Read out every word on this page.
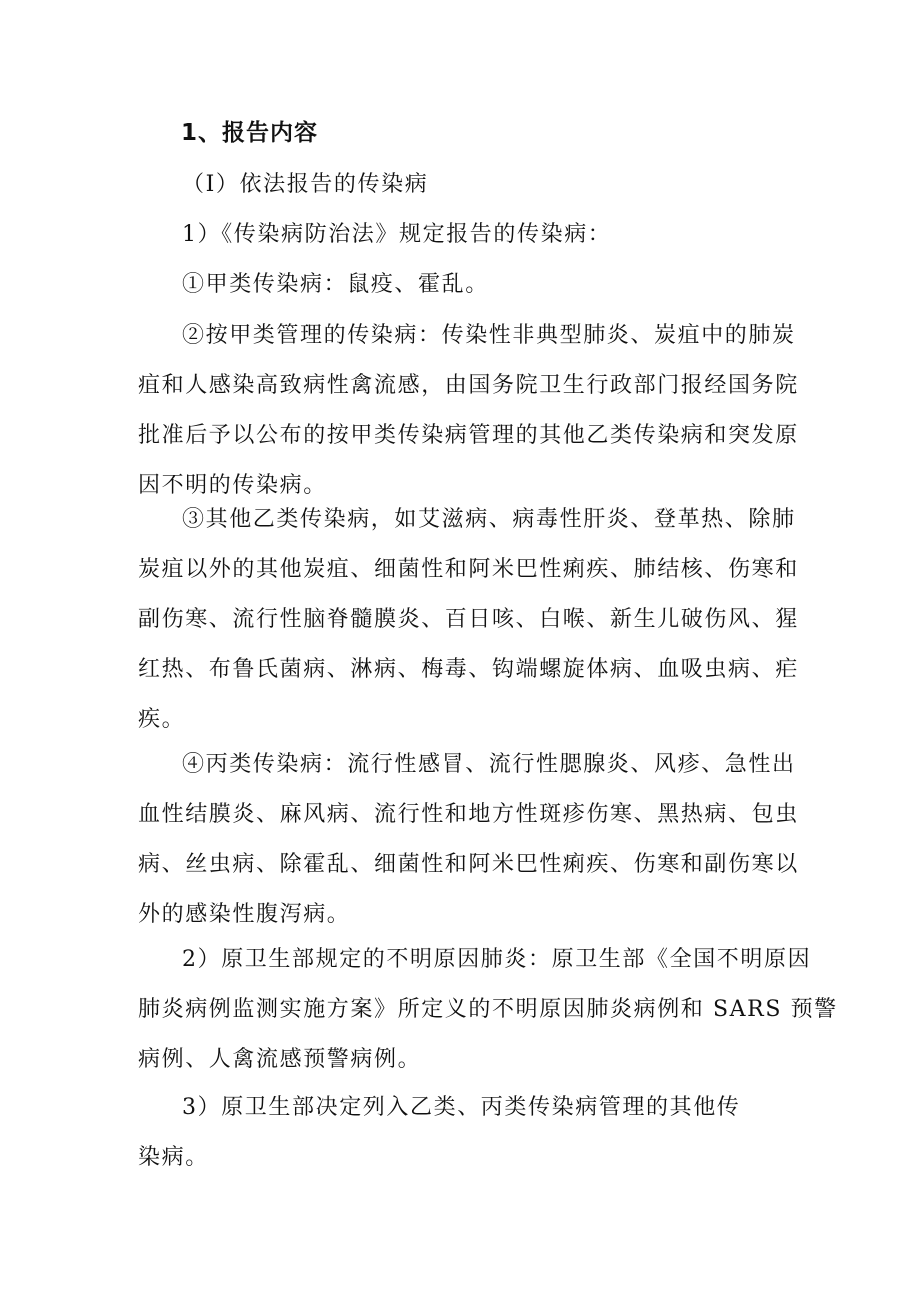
1、报告内容
（I）依法报告的传染病
1）《传染病防治法》规定报告的传染病：
①甲类传染病：鼠疫、霍乱。
②按甲类管理的传染病：传染性非典型肺炎、炭疽中的肺炭
疽和人感染高致病性禽流感，由国务院卫生行政部门报经国务院
批准后予以公布的按甲类传染病管理的其他乙类传染病和突发原
因不明的传染病。
③其他乙类传染病，如艾滋病、病毒性肝炎、登革热、除肺
炭疽以外的其他炭疽、细菌性和阿米巴性痢疾、肺结核、伤寒和
副伤寒、流行性脑脊髓膜炎、百日咳、白喉、新生儿破伤风、猩
红热、布鲁氏菌病、淋病、梅毒、钩端螺旋体病、血吸虫病、疟
疾。
④丙类传染病：流行性感冒、流行性腮腺炎、风疹、急性出
血性结膜炎、麻风病、流行性和地方性斑疹伤寒、黑热病、包虫
病、丝虫病、除霍乱、细菌性和阿米巴性痢疾、伤寒和副伤寒以
外的感染性腹泻病。
2）原卫生部规定的不明原因肺炎：原卫生部《全国不明原因
肺炎病例监测实施方案》所定义的不明原因肺炎病例和 SARS 预警
病例、人禽流感预警病例。
3）原卫生部决定列入乙类、丙类传染病管理的其他传
染病。
